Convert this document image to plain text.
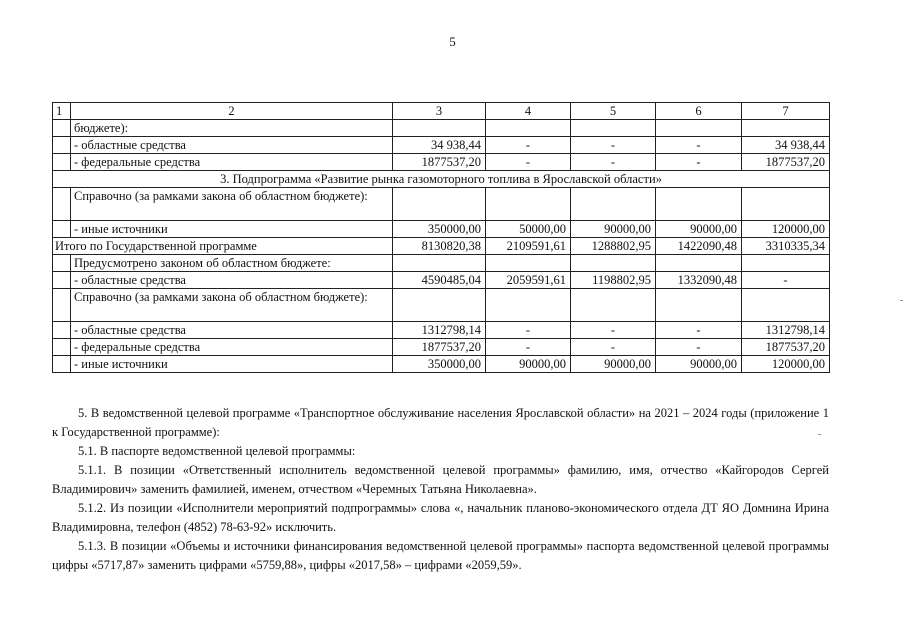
5
1	2	3	4	5	6	7
	бюджете):					
	- областные средства	34 938,44	-	-	-	34 938,44
	- федеральные средства	1877537,20	-	-	-	1877537,20
3. Подпрограмма «Развитие рынка газомоторного топлива в Ярославской области»						
	Справочно (за рамками закона об областном бюджете):					
	- иные источники	350000,00	50000,00	90000,00	90000,00	120000,00
Итого по Государственной программе		8130820,38	2109591,61	1288802,95	1422090,48	3310335,34
	Предусмотрено законом об областном бюджете:					
	- областные средства	4590485,04	2059591,61	1198802,95	1332090,48	-
	Справочно (за рамками закона об областном бюджете):					
	- областные средства	1312798,14	-	-	-	1312798,14
	- федеральные средства	1877537,20	-	-	-	1877537,20
	- иные источники	350000,00	90000,00	90000,00	90000,00	120000,00

5. В ведомственной целевой программе «Транспортное обслуживание населения Ярославской области» на 2021 – 2024 годы (приложение 1 к Государственной программе):

5.1. В паспорте ведомственной целевой программы:

5.1.1. В позиции «Ответственный исполнитель ведомственной целевой программы» фамилию, имя, отчество «Кайгородов Сергей Владимирович» заменить фамилией, именем, отчеством «Черемных Татьяна Николаевна».

5.1.2. Из позиции «Исполнители мероприятий подпрограммы» слова «, начальник планово-экономического отдела ДТ ЯО Домнина Ирина Владимировна, телефон (4852) 78-63-92» исключить.

5.1.3. В позиции «Объемы и источники финансирования ведомственной целевой программы» паспорта ведомственной целевой программы цифры «5717,87» заменить цифрами «5759,88», цифры «2017,58» – цифрами «2059,59».
